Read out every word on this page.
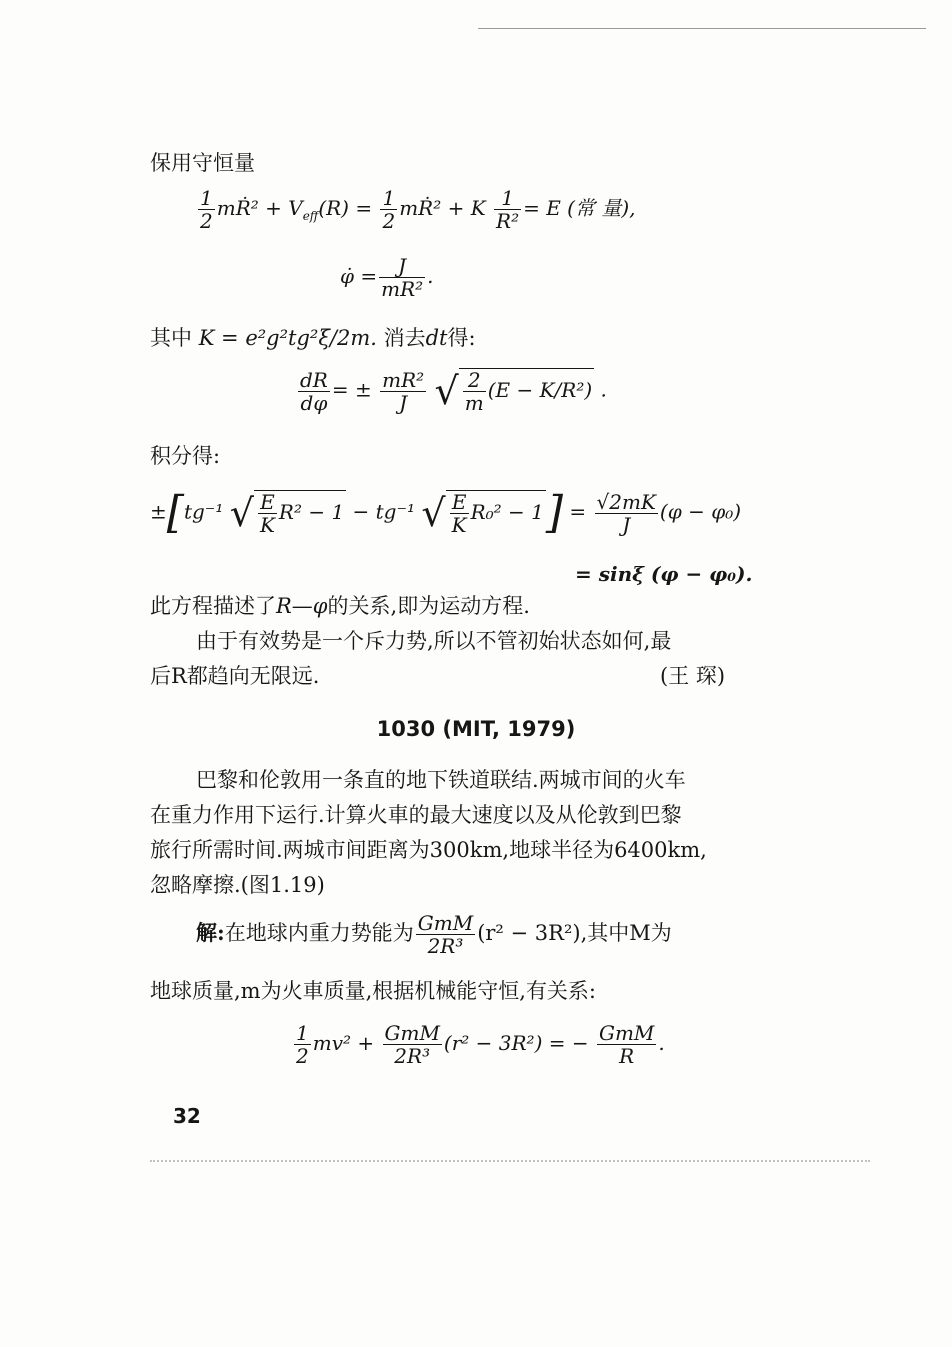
保用守恒量
$\frac{1}{2}$ mṘ² + $V_{eff}(R) = \frac{1}{2}$ mṘ² + K $\frac{1}{\text{R²}} = E$ (常 量),
φ̇ = $\frac{J}{\text{mR²}}$ .
其中 K = e²g²tg²ξ/2m. 消去dt得:
$\frac{dR}{d\varphi}$ = ± $\frac{\text{mR²}}{J}$ √ $\frac{2}{m} (E - K/R^2)$ .
积分得:
±[tg⁻¹ √ $\frac{E}{K} R^2 - 1 - tg^{-1}$ √ $\frac{E}{K} R_0^2 - 1] = \frac{√2mK}{J} (\varphi - \varphi_0)$
= sinξ (φ − φ₀).
此方程描述了R—φ的关系,即为运动方程.
由于有效势是一个斥力势,所以不管初始状态如何,最
后R都趋向无限远.	(王 琛)
1030 (MIT, 1979)
巴黎和伦敦用一条直的地下铁道联结.两城市间的火车
在重力作用下运行.计算火車的最大速度以及从伦敦到巴黎
旅行所需时间.两城市间距离为300km,地球半径为6400km,
忽略摩擦.(图1.19)
解:在地球内重力势能为 $\frac{\text{GmM}}{\text{2R³}} (r^2 - 3R^2)$,其中M为
地球质量,m为火車质量,根据机械能守恒,有关系:
$\frac{1}{2} mv^2 + \frac{\text{GmM}}{\text{2R³}} (r^2 - 3R^2)$ = − $\frac{\text{GmM}}{R}$ .
32
